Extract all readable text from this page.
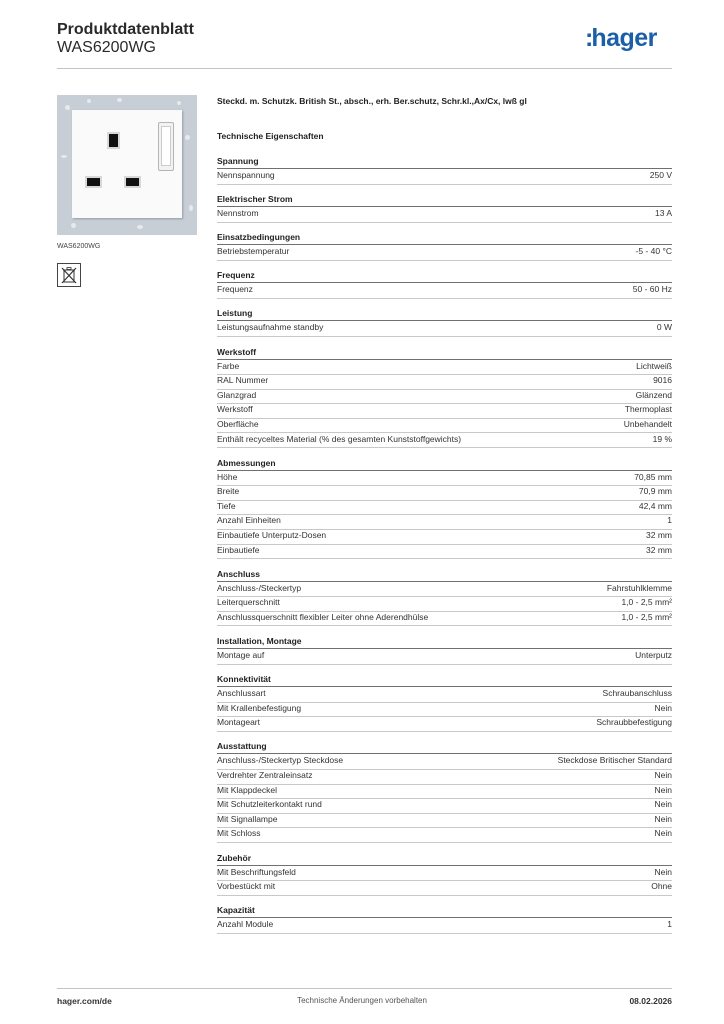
Produktdatenblatt
WAS6200WG	:hager
WAS6200WG
Steckd. m. Schutzk. British St., absch., erh. Ber.schutz, Schr.kl.,Ax/Cx, lwß gl
Technische Eigenschaften
Spannung
Nennspannung	250 V
Elektrischer Strom
Nennstrom	13 A
Einsatzbedingungen
Betriebstemperatur	-5 - 40 °C
Frequenz
Frequenz	50 - 60 Hz
Leistung
Leistungsaufnahme standby	0 W
Werkstoff
Farbe	Lichtweiß
RAL Nummer	9016
Glanzgrad	Glänzend
Werkstoff	Thermoplast
Oberfläche	Unbehandelt
Enthält recyceltes Material (% des gesamten Kunststoffgewichts)	19 %
Abmessungen
Höhe	70,85 mm
Breite	70,9 mm
Tiefe	42,4 mm
Anzahl Einheiten	1
Einbautiefe Unterputz-Dosen	32 mm
Einbautiefe	32 mm
Anschluss
Anschluss-/Steckertyp	Fahrstuhlklemme
Leiterquerschnitt	1,0 - 2,5 mm²
Anschlussquerschnitt flexibler Leiter ohne Aderendhülse	1,0 - 2,5 mm²
Installation, Montage
Montage auf	Unterputz
Konnektivität
Anschlussart	Schraubanschluss
Mit Krallenbefestigung	Nein
Montageart	Schraubbefestigung
Ausstattung
Anschluss-/Steckertyp Steckdose	Steckdose Britischer Standard
Verdrehter Zentraleinsatz	Nein
Mit Klappdeckel	Nein
Mit Schutzleiterkontakt rund	Nein
Mit Signallampe	Nein
Mit Schloss	Nein
Zubehör
Mit Beschriftungsfeld	Nein
Vorbestückt mit	Ohne
Kapazität
Anzahl Module	1
hager.com/de	Technische Änderungen vorbehalten	08.02.2026
